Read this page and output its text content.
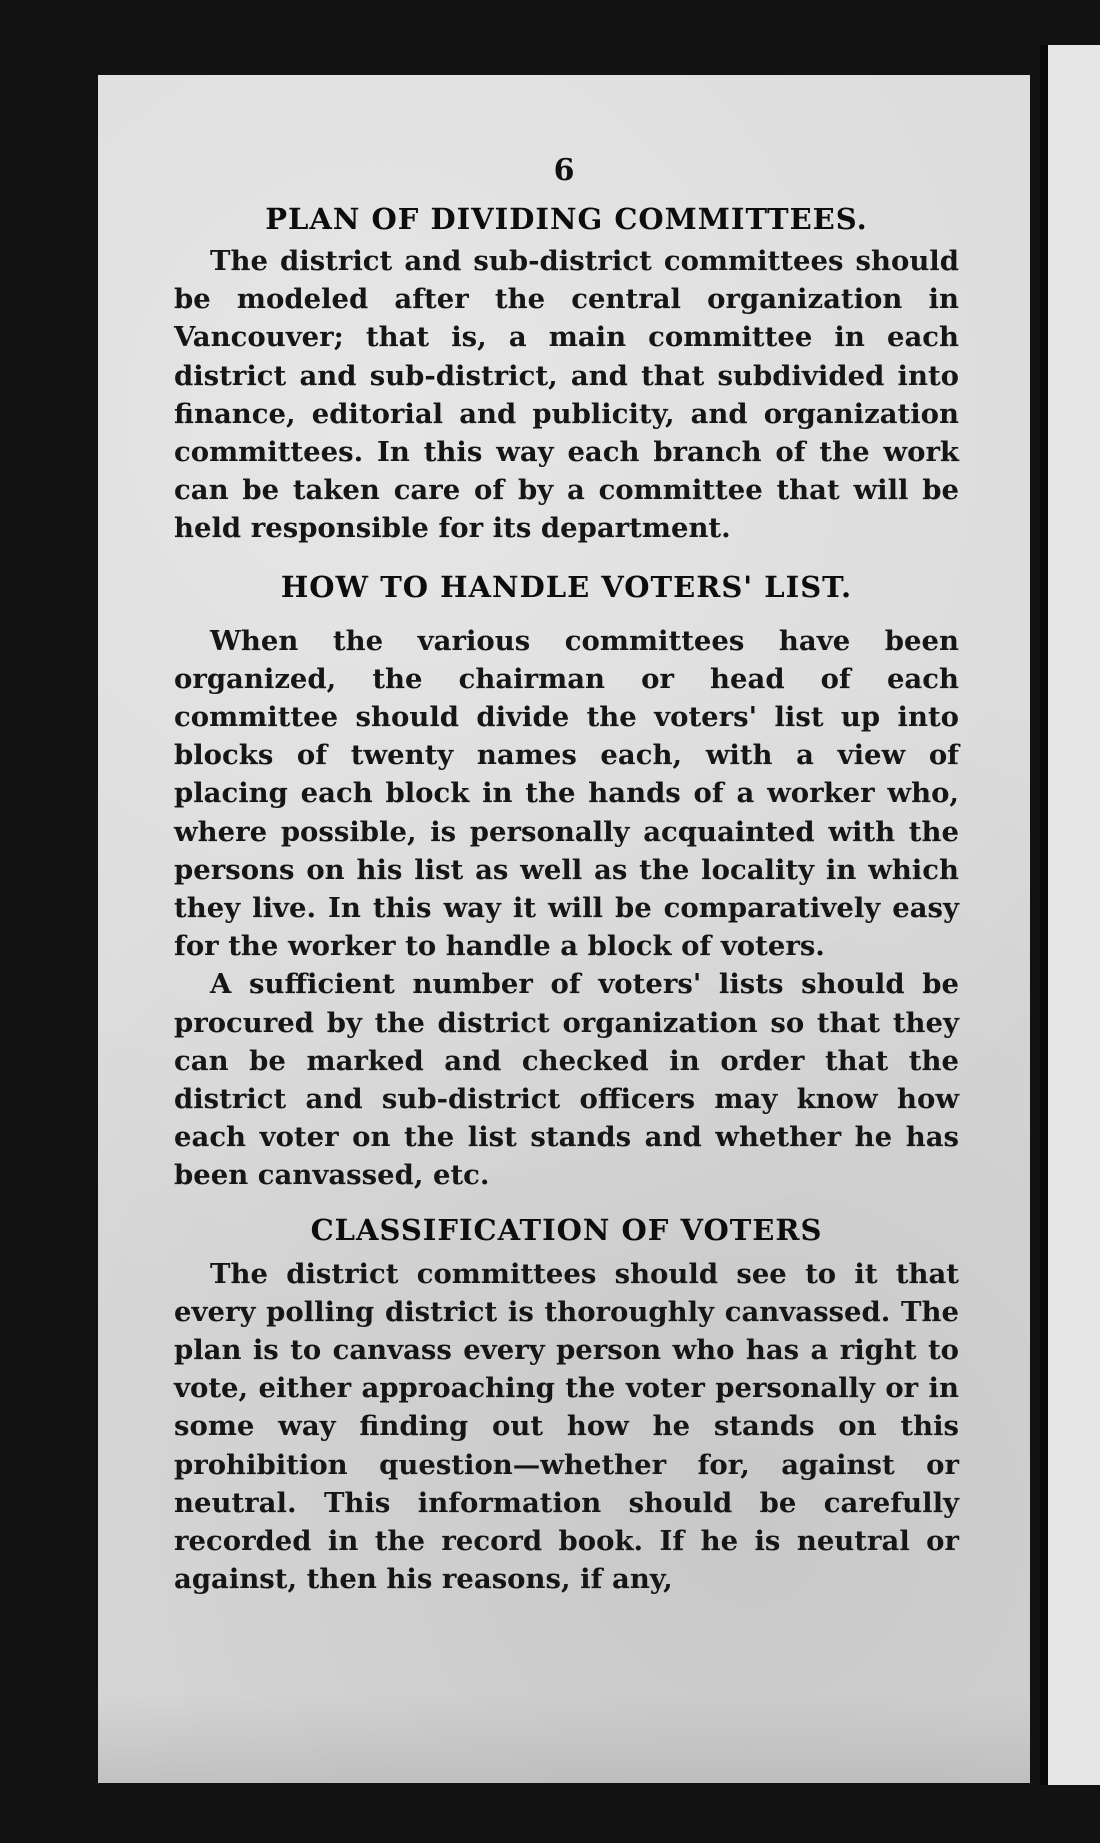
6
PLAN OF DIVIDING COMMITTEES.

The district and sub-district committees should be modeled after the central organization in Vancouver; that is, a main committee in each district and sub-district, and that subdivided into finance, editorial and publicity, and organization committees. In this way each branch of the work can be taken care of by a committee that will be held responsible for its department.

HOW TO HANDLE VOTERS' LIST.

When the various committees have been organized, the chairman or head of each committee should divide the voters' list up into blocks of twenty names each, with a view of placing each block in the hands of a worker who, where possible, is personally acquainted with the persons on his list as well as the locality in which they live. In this way it will be comparatively easy for the worker to handle a block of voters.

A sufficient number of voters' lists should be procured by the district organization so that they can be marked and checked in order that the district and sub-district officers may know how each voter on the list stands and whether he has been canvassed, etc.

CLASSIFICATION OF VOTERS

The district committees should see to it that every polling district is thoroughly canvassed. The plan is to canvass every person who has a right to vote, either approaching the voter personally or in some way finding out how he stands on this prohibition question—whether for, against or neutral. This information should be carefully recorded in the record book. If he is neutral or against, then his reasons, if any,
